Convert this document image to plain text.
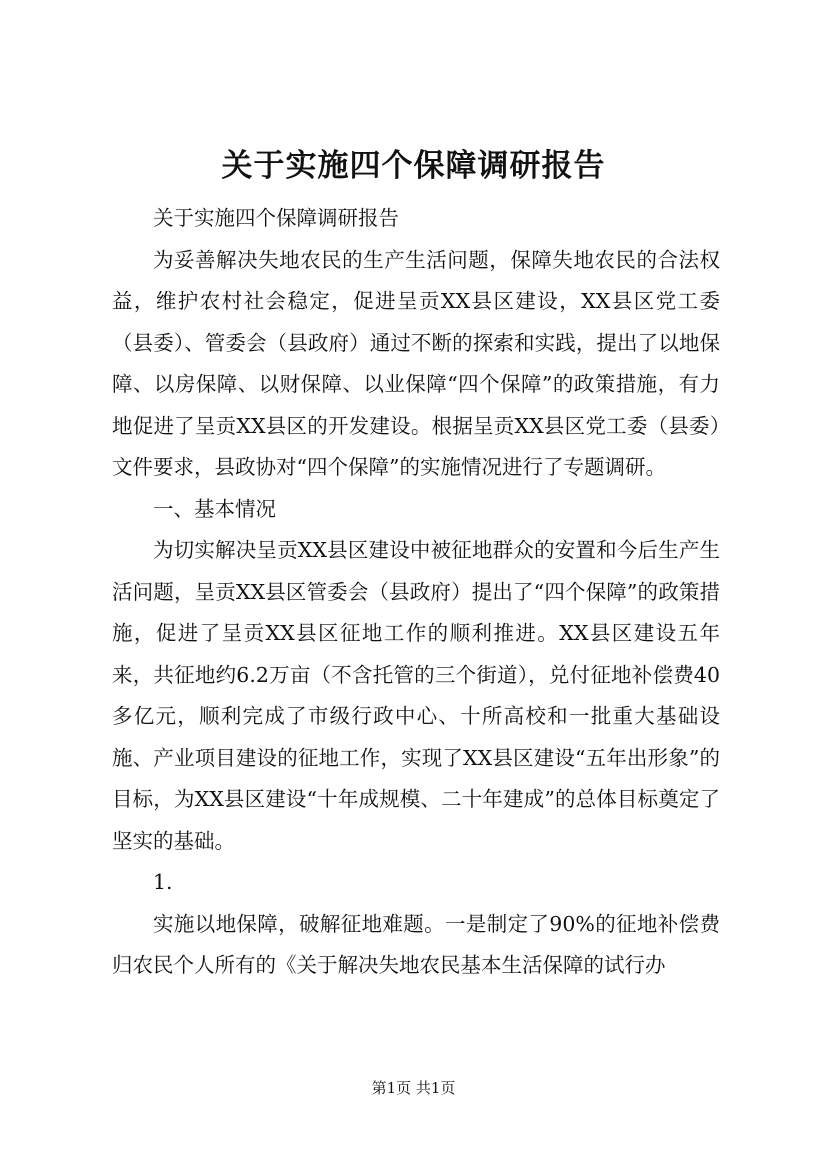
关于实施四个保障调研报告

关于实施四个保障调研报告

为妥善解决失地农民的生产生活问题，保障失地农民的合法权益，维护农村社会稳定，促进呈贡XX县区建设，XX县区党工委（县委）、管委会（县政府）通过不断的探索和实践，提出了以地保障、以房保障、以财保障、以业保障“四个保障”的政策措施，有力地促进了呈贡XX县区的开发建设。根据呈贡XX县区党工委（县委）文件要求，县政协对“四个保障”的实施情况进行了专题调研。

一、基本情况

为切实解决呈贡XX县区建设中被征地群众的安置和今后生产生活问题，呈贡XX县区管委会（县政府）提出了“四个保障”的政策措施，促进了呈贡XX县区征地工作的顺利推进。XX县区建设五年来，共征地约6.2万亩（不含托管的三个街道），兑付征地补偿费40多亿元，顺利完成了市级行政中心、十所高校和一批重大基础设施、产业项目建设的征地工作，实现了XX县区建设“五年出形象”的目标，为XX县区建设“十年成规模、二十年建成”的总体目标奠定了坚实的基础。

1.

实施以地保障，破解征地难题。一是制定了90%的征地补偿费归农民个人所有的《关于解决失地农民基本生活保障的试行办

第1页 共1页
